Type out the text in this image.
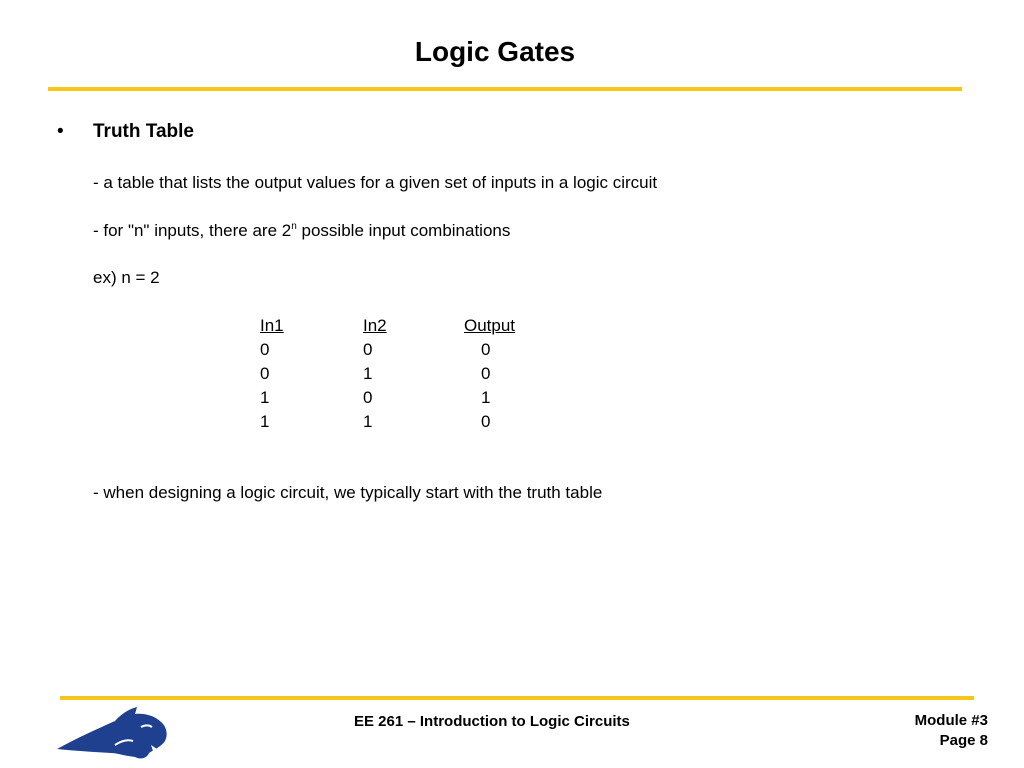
Logic Gates
• Truth Table
- a table that lists the output values for a given set of inputs in a logic circuit
- for "n" inputs, there are 2$^n$ possible input combinations
ex) n = 2
In1	In2	Output
0	0	0
0	1	0
1	0	1
1	1	0
- when designing a logic circuit, we typically start with the truth table
EE 261 – Introduction to Logic Circuits	Module #3
Page 8
